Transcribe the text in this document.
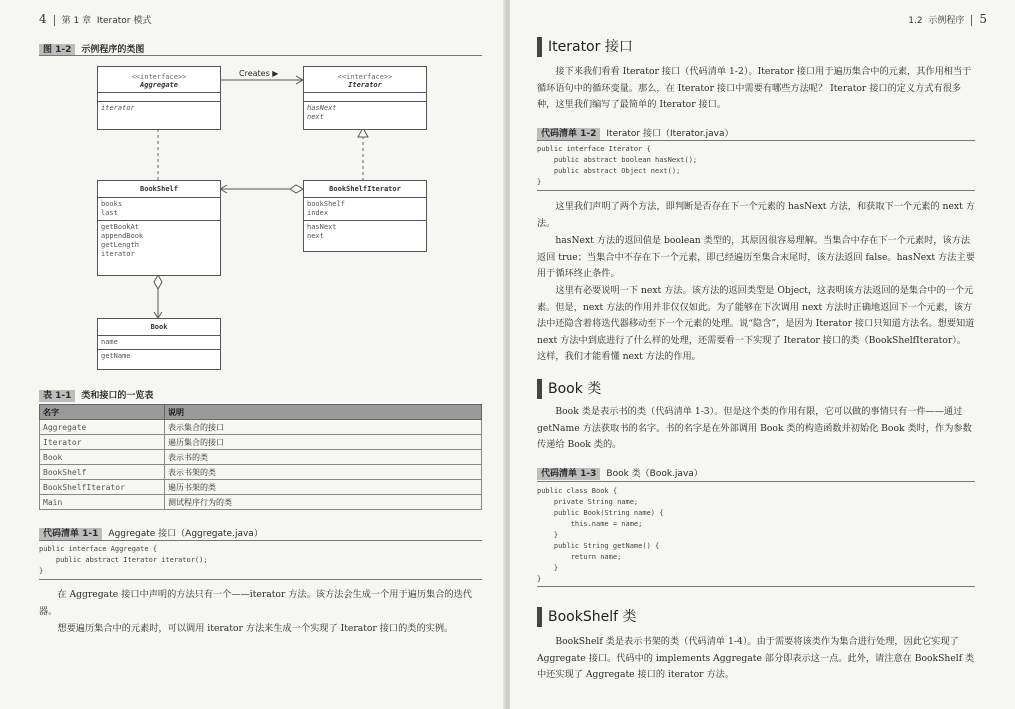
4 第 1 章 Iterator 模式
图 1-2 示例程序的类图
Creates ▶
<<interface>>
Aggregate
iterator
<<interface>>
Iterator
hasNext
next
BookShelf
books
last
getBookAt
appendBook
getLength
iterator
BookShelfIterator
bookShelf
index
hasNext
next
Book
name
getName
表 1-1 类和接口的一览表
名字	说明
Aggregate	表示集合的接口
Iterator	遍历集合的接口
Book	表示书的类
BookShelf	表示书架的类
BookShelfIterator	遍历书架的类
Main	测试程序行为的类
代码清单 1-1 Aggregate 接口（Aggregate.java）
public interface Aggregate {
public abstract Iterator iterator();
}

在 Aggregate 接口中声明的方法只有一个——iterator 方法。该方法会生成一个用于遍历集合的迭代器。

想要遍历集合中的元素时，可以调用 iterator 方法来生成一个实现了 Iterator 接口的类的实例。

1.2 示例程序 5
Iterator 接口

接下来我们看看 Iterator 接口（代码清单 1-2）。Iterator 接口用于遍历集合中的元素，其作用相当于循环语句中的循环变量。那么，在 Iterator 接口中需要有哪些方法呢？ Iterator 接口的定义方式有很多种，这里我们编写了最简单的 Iterator 接口。

代码清单 1-2 Iterator 接口（Iterator.java）
public interface Iterator {
public abstract boolean hasNext();
public abstract Object next();
}

这里我们声明了两个方法，即判断是否存在下一个元素的 hasNext 方法，和获取下一个元素的 next 方法。

hasNext 方法的返回值是 boolean 类型的，其原因很容易理解。当集合中存在下一个元素时，该方法返回 true；当集合中不存在下一个元素，即已经遍历至集合末尾时，该方法返回 false。hasNext 方法主要用于循环终止条件。

这里有必要说明一下 next 方法。该方法的返回类型是 Object，这表明该方法返回的是集合中的一个元素。但是，next 方法的作用并非仅仅如此。为了能够在下次调用 next 方法时正确地返回下一个元素，该方法中还隐含着将迭代器移动至下一个元素的处理。说“隐含”，是因为 Iterator 接口只知道方法名。想要知道 next 方法中到底进行了什么样的处理，还需要看一下实现了 Iterator 接口的类（BookShelfIterator）。这样，我们才能看懂 next 方法的作用。

Book 类

Book 类是表示书的类（代码清单 1-3）。但是这个类的作用有限，它可以做的事情只有一件——通过 getName 方法获取书的名字。书的名字是在外部调用 Book 类的构造函数并初始化 Book 类时，作为参数传递给 Book 类的。

代码清单 1-3 Book 类（Book.java）
public class Book {
private String name;
public Book(String name) {
this.name = name;
}
public String getName() {
return name;
}
}
BookShelf 类

BookShelf 类是表示书架的类（代码清单 1-4）。由于需要将该类作为集合进行处理，因此它实现了 Aggregate 接口。代码中的 implements Aggregate 部分即表示这一点。此外，请注意在 BookShelf 类中还实现了 Aggregate 接口的 iterator 方法。
